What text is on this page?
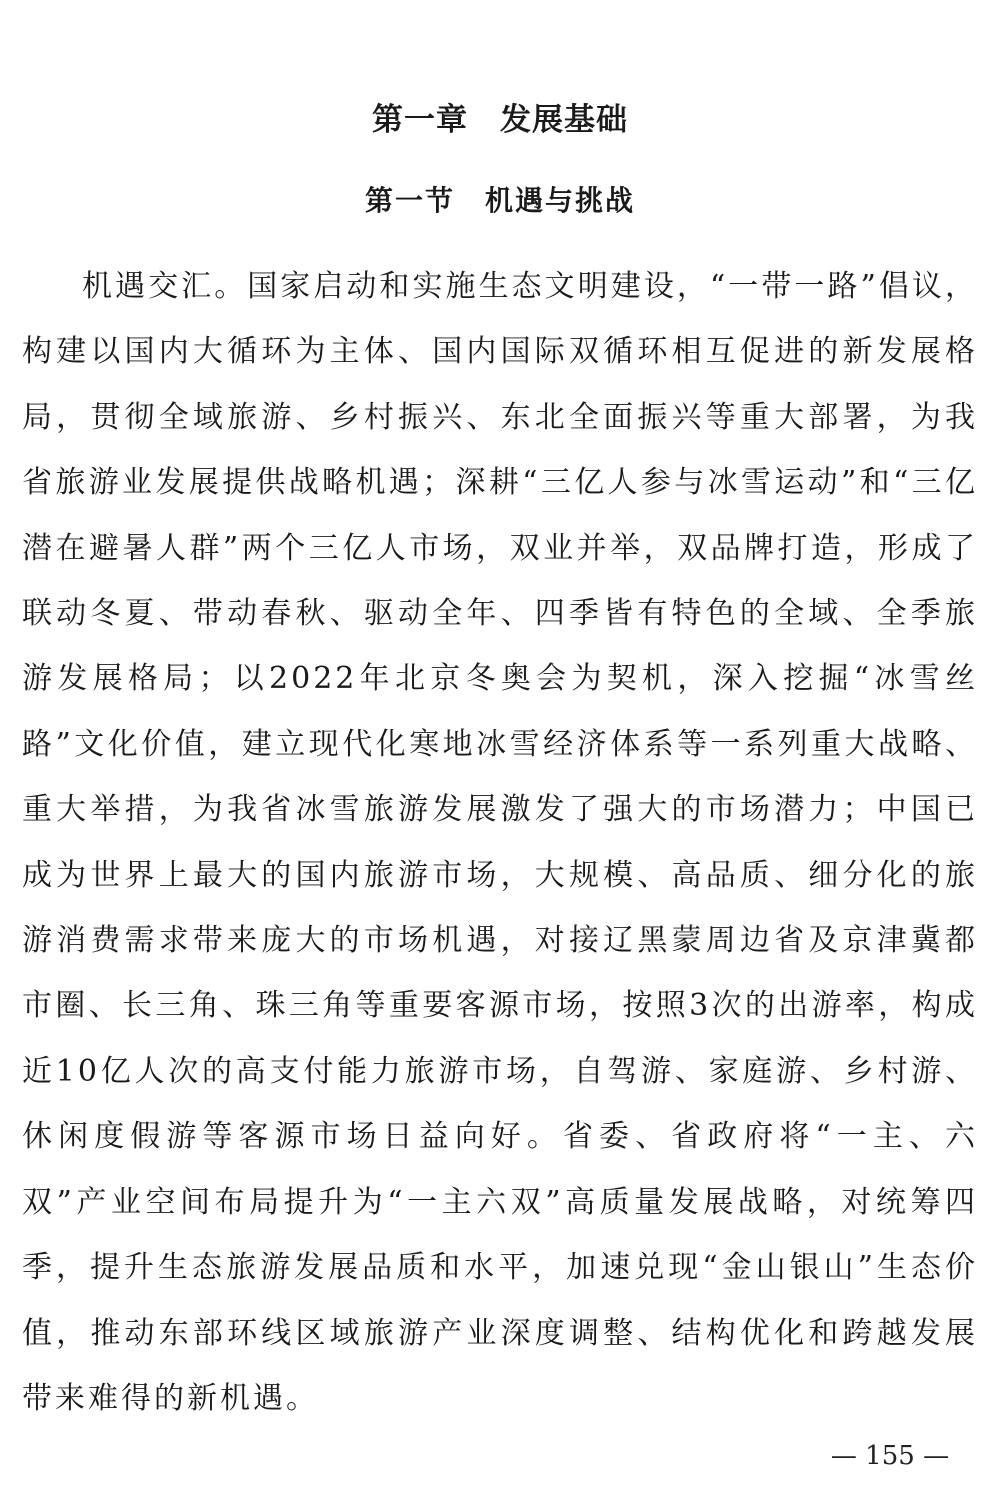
第一章　发展基础
第一节　机遇与挑战

机遇交汇。国家启动和实施生态文明建设，“一带一路”倡议，构建以国内大循环为主体、国内国际双循环相互促进的新发展格局，贯彻全域旅游、乡村振兴、东北全面振兴等重大部署，为我省旅游业发展提供战略机遇；深耕“三亿人参与冰雪运动”和“三亿潜在避暑人群”两个三亿人市场，双业并举，双品牌打造，形成了联动冬夏、带动春秋、驱动全年、四季皆有特色的全域、全季旅游发展格局；以2022年北京冬奥会为契机，深入挖掘“冰雪丝路”文化价值，建立现代化寒地冰雪经济体系等一系列重大战略、重大举措，为我省冰雪旅游发展激发了强大的市场潜力；中国已成为世界上最大的国内旅游市场，大规模、高品质、细分化的旅游消费需求带来庞大的市场机遇，对接辽黑蒙周边省及京津冀都市圈、长三角、珠三角等重要客源市场，按照3次的出游率，构成近10亿人次的高支付能力旅游市场，自驾游、家庭游、乡村游、休闲度假游等客源市场日益向好。省委、省政府将“一主、六双”产业空间布局提升为“一主六双”高质量发展战略，对统筹四季，提升生态旅游发展品质和水平，加速兑现“金山银山”生态价值，推动东部环线区域旅游产业深度调整、结构优化和跨越发展带来难得的新机遇。

— 155 —
